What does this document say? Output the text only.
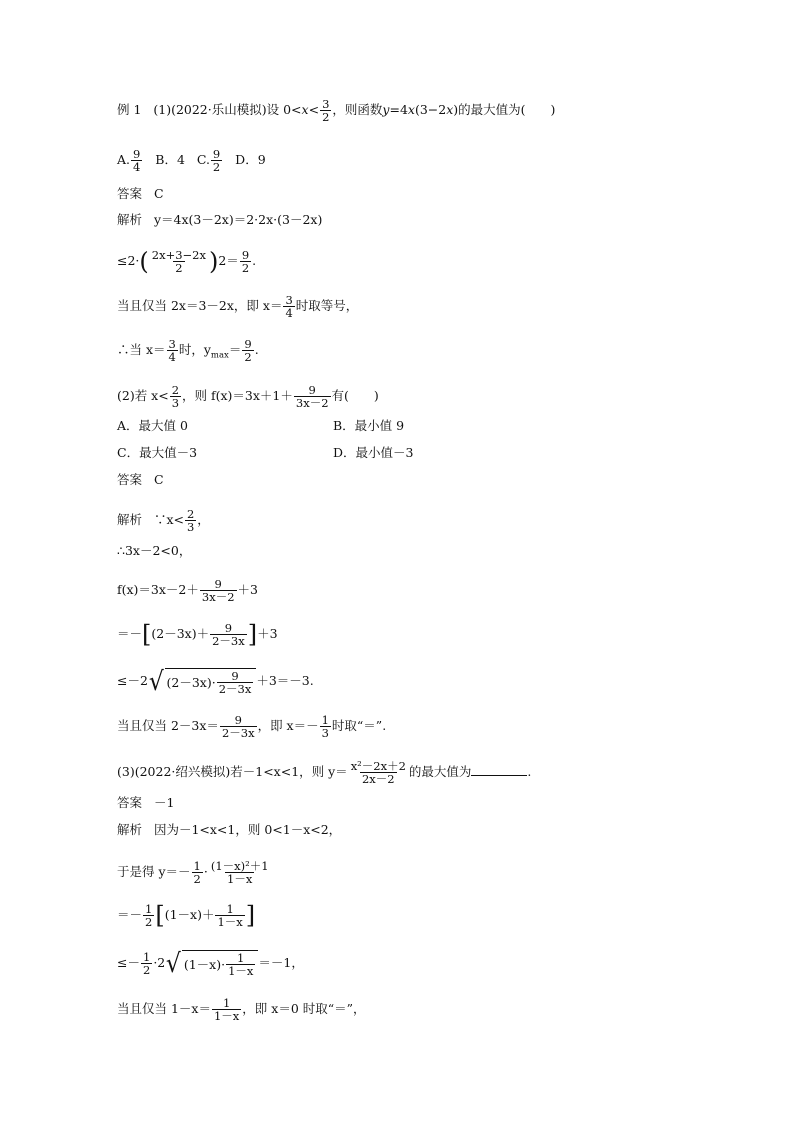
例 1 (1)(2022·乐山模拟)设 $0<x< \frac{3}{2}$ ，则函数y=4x(3−2x)的最大值为(　　)
A. $\frac{9}{4}$ B．4 C. $\frac{9}{2}$ D．9
答案 C
解析 y＝4x(3－2x)＝2·2x·(3－2x)
$\le 2\cdot( \frac{2x+3-2x}{2} )2= \frac{9}{2}$ .
当且仅当 2x＝3－2x，即 $x= \frac{3}{4}$ 时取等号，
∴当 $x= \frac{3}{4}$ 时，$y_{max}= \frac{9}{2}$ .
(2)若 $x< \frac{2}{3}$ ，则 $f(x)=3x+1+ \frac{9}{3x-2}$ 有(　　)
A．最大值 0	B．最小值 9
C．最大值－3	D．最小值－3
答案 C
解析 ∵x< $\frac{2}{3}$ ，
∴3x－2<0，
$f(x)=3x-2+ \frac{9}{3x-2} +3$
$=-[(2-3x)+ \frac{9}{2-3x} ]+3$
≤－2 √ $(2-3x)\cdot \frac{9}{2-3x} +3=-3$.
当且仅当 $2-3x= \frac{9}{2-3x}$ ，即 $x=- \frac{1}{3}$ 时取“＝”.
(3)(2022·绍兴模拟)若－1<x<1，则 $y= \frac{\text{x²－2x＋2}}{2x-2}$ 的最大值为	.
答案 －1
解析 因为－1<x<1，则 0<1－x<2，
于是得 $y=- \frac{1}{2} \cdot \frac{\text{(1－x)²＋1}}{1-x}$
＝－ $\frac{1}{2} [(1-x)+ \frac{1}{1-x}$ ]
≤－ $\frac{1}{2} \cdot 2$ √ $(1-x)\cdot \frac{1}{1-x} =-1$，
当且仅当 $1-x= \frac{1}{1-x}$ ，即 x＝0 时取“＝”，
